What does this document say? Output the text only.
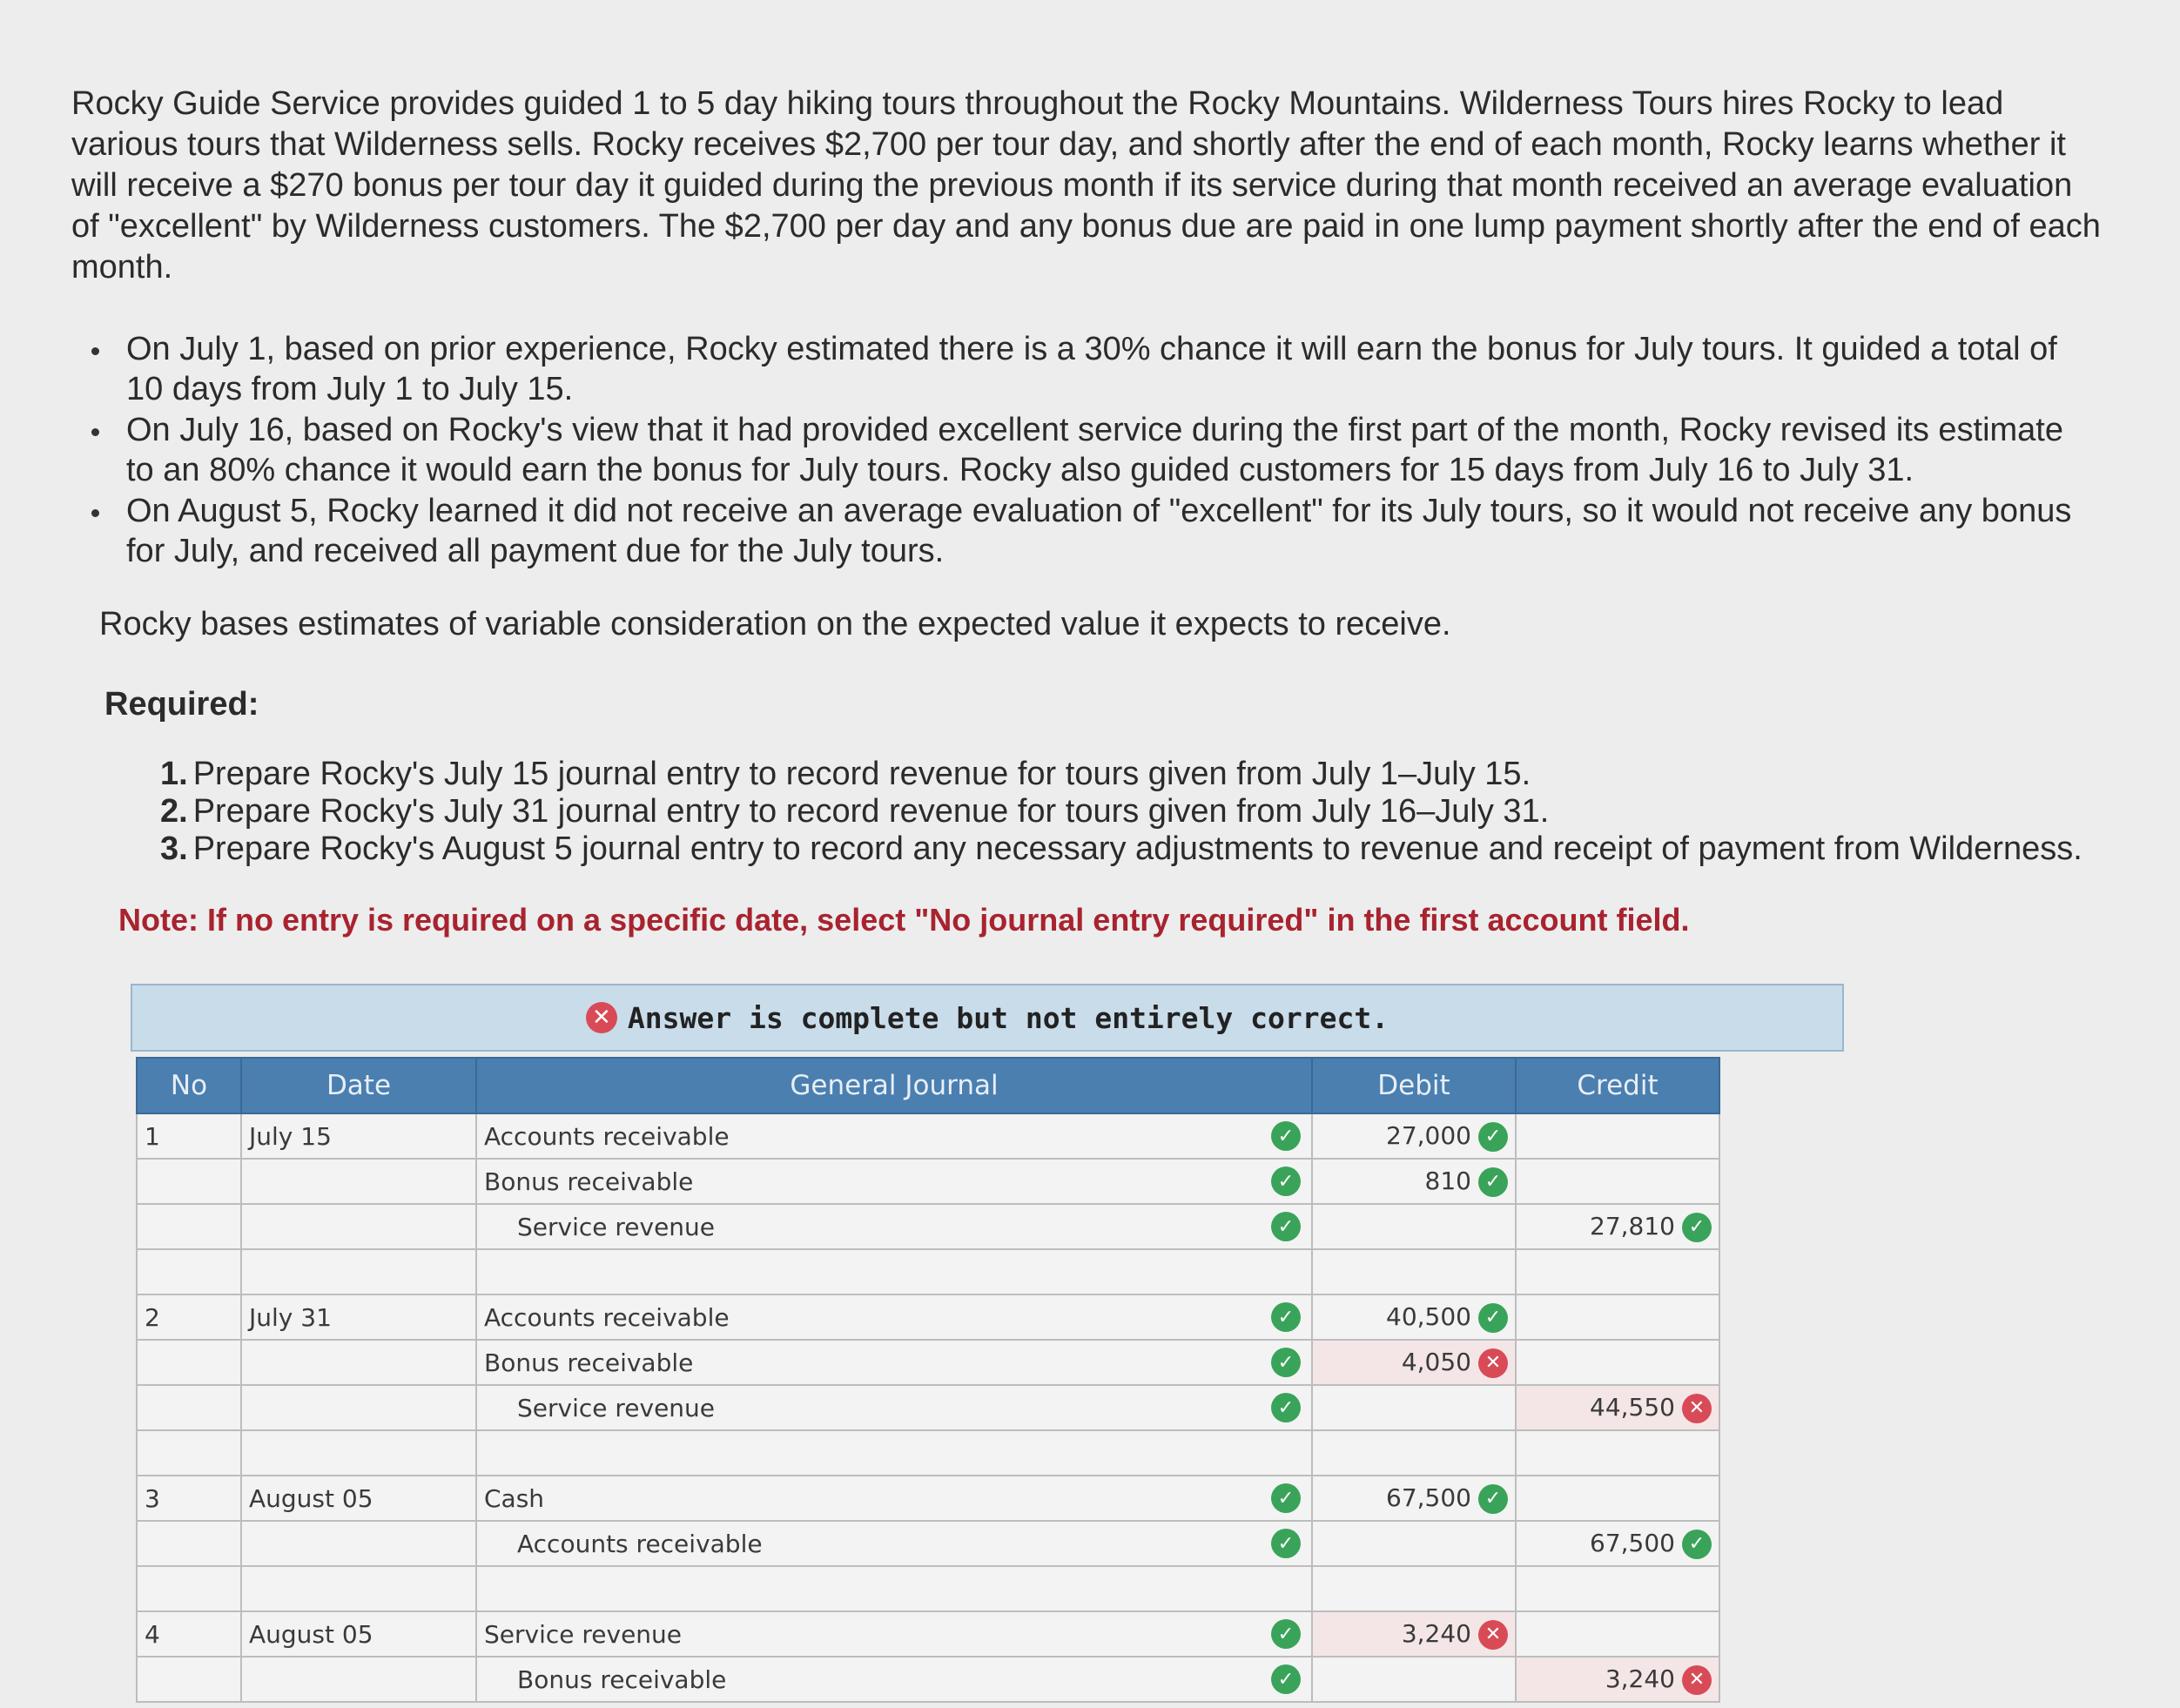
Rocky Guide Service provides guided 1 to 5 day hiking tours throughout the Rocky Mountains. Wilderness Tours hires Rocky to lead various tours that Wilderness sells. Rocky receives $2,700 per tour day, and shortly after the end of each month, Rocky learns whether it will receive a $270 bonus per tour day it guided during the previous month if its service during that month received an average evaluation of "excellent" by Wilderness customers. The $2,700 per day and any bonus due are paid in one lump payment shortly after the end of each month.

On July 1, based on prior experience, Rocky estimated there is a 30% chance it will earn the bonus for July tours. It guided a total of 10 days from July 1 to July 15.
On July 16, based on Rocky's view that it had provided excellent service during the first part of the month, Rocky revised its estimate to an 80% chance it would earn the bonus for July tours. Rocky also guided customers for 15 days from July 16 to July 31.
On August 5, Rocky learned it did not receive an average evaluation of "excellent" for its July tours, so it would not receive any bonus for July, and received all payment due for the July tours.

Rocky bases estimates of variable consideration on the expected value it expects to receive.

Required:

1. Prepare Rocky's July 15 journal entry to record revenue for tours given from July 1–July 15.
2. Prepare Rocky's July 31 journal entry to record revenue for tours given from July 16–July 31.
3. Prepare Rocky's August 5 journal entry to record any necessary adjustments to revenue and receipt of payment from Wilderness.

Note: If no entry is required on a specific date, select "No journal entry required" in the first account field.

✕ Answer is complete but not entirely correct.
No	Date	General Journal	Debit	Credit
1	July 15	Accounts receivable ✓	27,000 ✓	
		Bonus receivable ✓	810 ✓	
		Service revenue ✓		27,810 ✓

2	July 31	Accounts receivable ✓	40,500 ✓	
		Bonus receivable ✓	4,050 ✕	
		Service revenue ✓		44,550 ✕

3	August 05	Cash ✓	67,500 ✓	
		Accounts receivable ✓		67,500 ✓

4	August 05	Service revenue ✓	3,240 ✕	
		Bonus receivable ✓		3,240 ✕
